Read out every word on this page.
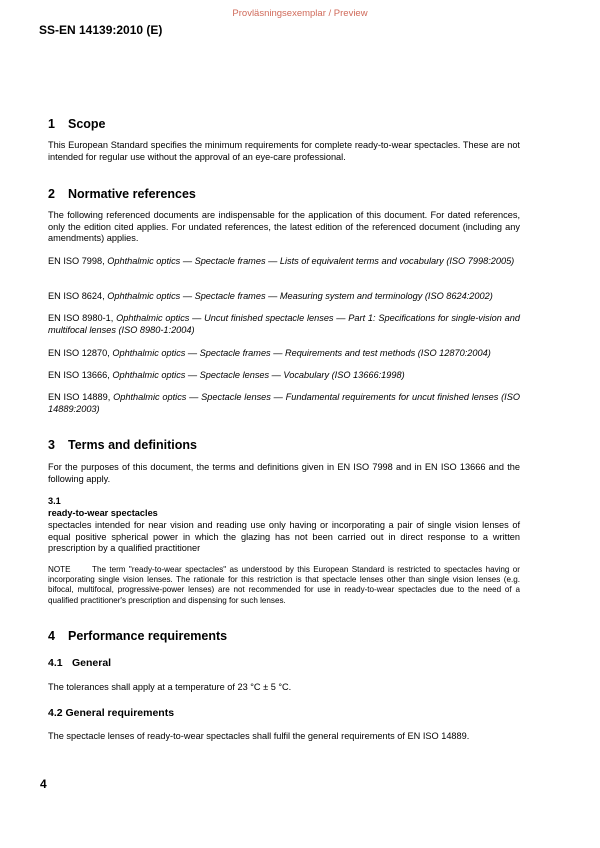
Provläsningsexemplar / Preview
SS-EN 14139:2010 (E)
1 Scope
This European Standard specifies the minimum requirements for complete ready-to-wear spectacles. These are not intended for regular use without the approval of an eye-care professional.
2 Normative references
The following referenced documents are indispensable for the application of this document. For dated references, only the edition cited applies. For undated references, the latest edition of the referenced document (including any amendments) applies.
EN ISO 7998, Ophthalmic optics — Spectacle frames — Lists of equivalent terms and vocabulary (ISO 7998:2005)
EN ISO 8624, Ophthalmic optics — Spectacle frames — Measuring system and terminology (ISO 8624:2002)
EN ISO 8980-1, Ophthalmic optics — Uncut finished spectacle lenses — Part 1: Specifications for single-vision and multifocal lenses (ISO 8980-1:2004)
EN ISO 12870, Ophthalmic optics — Spectacle frames — Requirements and test methods (ISO 12870:2004)
EN ISO 13666, Ophthalmic optics — Spectacle lenses — Vocabulary (ISO 13666:1998)
EN ISO 14889, Ophthalmic optics — Spectacle lenses — Fundamental requirements for uncut finished lenses (ISO 14889:2003)
3 Terms and definitions
For the purposes of this document, the terms and definitions given in EN ISO 7998 and in EN ISO 13666 and the following apply.
3.1
ready-to-wear spectacles
spectacles intended for near vision and reading use only having or incorporating a pair of single vision lenses of equal positive spherical power in which the glazing has not been carried out in direct response to a written prescription by a qualified practitioner
NOTE	The term "ready-to-wear spectacles" as understood by this European Standard is restricted to spectacles having or incorporating single vision lenses. The rationale for this restriction is that spectacle lenses other than single vision lenses (e.g. bifocal, multifocal, progressive-power lenses) are not recommended for use in ready-to-wear spectacles due to the need of a qualified practitioner's prescription and dispensing for such lenses.
4 Performance requirements
4.1 General
The tolerances shall apply at a temperature of 23 °C ± 5 °C.
4.2 General requirements
The spectacle lenses of ready-to-wear spectacles shall fulfil the general requirements of EN ISO 14889.
4
